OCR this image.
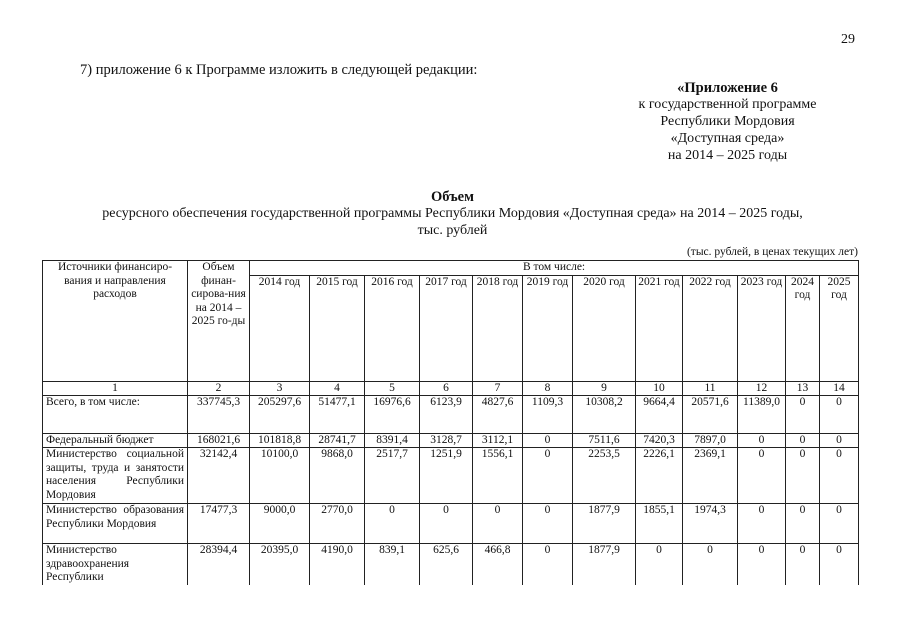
29
7) приложение 6 к Программе изложить в следующей редакции:
«Приложение 6
к государственной программе
Республики Мордовия
«Доступная среда»
на 2014 – 2025 годы
Объем
ресурсного обеспечения государственной программы Республики Мордовия «Доступная среда» на 2014 – 2025 годы,
тыс. рублей
(тыс. рублей, в ценах текущих лет)
Источники финансиро-вания и направления расходов	Объем финан-сирова-ния на 2014 – 2025 го-ды	В том числе:											
		2014 год	2015 год	2016 год	2017 год	2018 год	2019 год	2020 год	2021 год	2022 год	2023 год	2024 год	2025 год
1	2	3	4	5	6	7	8	9	10	11	12	13	14
Всего, в том числе:	337745,3	205297,6	51477,1	16976,6	6123,9	4827,6	1109,3	10308,2	9664,4	20571,6	11389,0	0	0
Федеральный бюджет	168021,6	101818,8	28741,7	8391,4	3128,7	3112,1	0	7511,6	7420,3	7897,0	0	0	0
Министерство социальной защиты, труда и занятости населения Республики Мордовия	32142,4	10100,0	9868,0	2517,7	1251,9	1556,1	0	2253,5	2226,1	2369,1	0	0	0
Министерство образования Республики Мордовия	17477,3	9000,0	2770,0	0	0	0	0	1877,9	1855,1	1974,3	0	0	0
Министерство здравоохранения Республики	28394,4	20395,0	4190,0	839,1	625,6	466,8	0	1877,9	0	0	0	0	0
